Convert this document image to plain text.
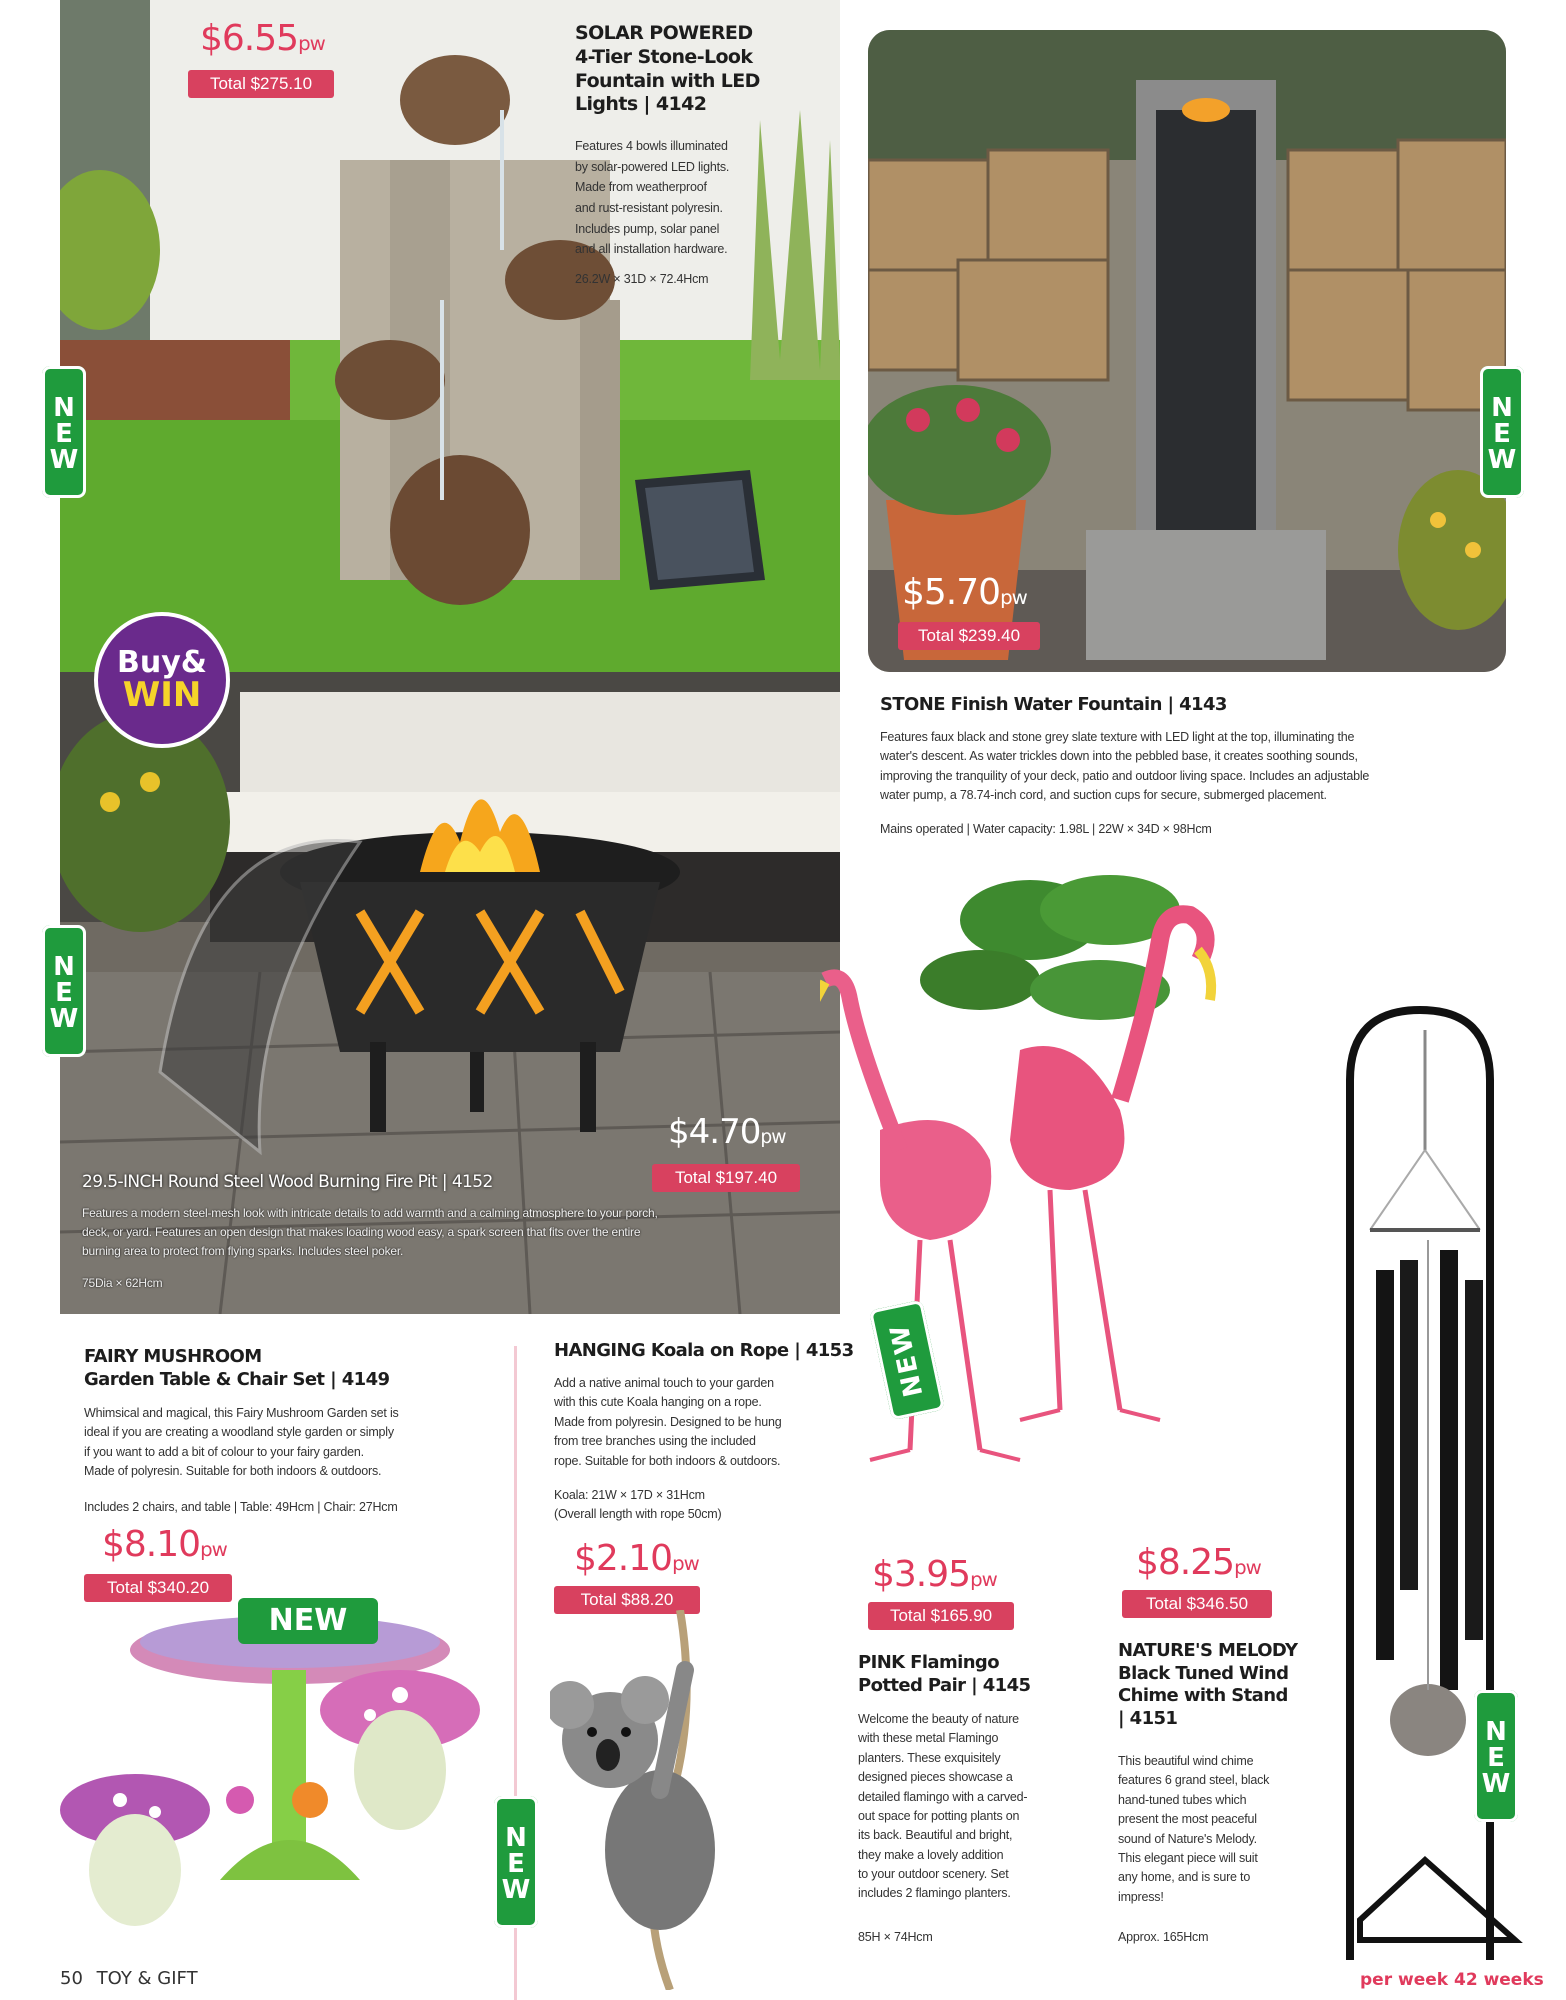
$6.55pw
Total $275.10
SOLAR POWERED
4-Tier Stone-Look
Fountain with LED
Lights | 4142
Features 4 bowls illuminated
by solar-powered LED lights.
Made from weatherproof
and rust-resistant polyresin.
Includes pump, solar panel
and all installation hardware.
26.2W × 31D × 72.4Hcm
$5.70pw
Total $239.40
STONE Finish Water Fountain | 4143
Features faux black and stone grey slate texture with LED light at the top, illuminating the
water's descent. As water trickles down into the pebbled base, it creates soothing sounds,
improving the tranquility of your deck, patio and outdoor living space. Includes an adjustable
water pump, a 78.74-inch cord, and suction cups for secure, submerged placement.
Mains operated | Water capacity: 1.98L | 22W × 34D × 98Hcm
$4.70pw
Total $197.40
29.5-INCH Round Steel Wood Burning Fire Pit | 4152
Features a modern steel-mesh look with intricate details to add warmth and a calming atmosphere to your porch,
deck, or yard. Features an open design that makes loading wood easy, a spark screen that fits over the entire
burning area to protect from flying sparks. Includes steel poker.
75Dia × 62Hcm
Buy&
WIN
NEW
NEW
NEW
FAIRY MUSHROOM
Garden Table & Chair Set | 4149
Whimsical and magical, this Fairy Mushroom Garden set is
ideal if you are creating a woodland style garden or simply
if you want to add a bit of colour to your fairy garden.
Made of polyresin. Suitable for both indoors & outdoors.
Includes 2 chairs, and table | Table: 49Hcm | Chair: 27Hcm
$8.10pw
Total $340.20
NEW
HANGING Koala on Rope | 4153
Add a native animal touch to your garden
with this cute Koala hanging on a rope.
Made from polyresin. Designed to be hung
from tree branches using the included
rope. Suitable for both indoors & outdoors.
Koala: 21W × 17D × 31Hcm
(Overall length with rope 50cm)
$2.10pw
Total $88.20
NEW
NEW
$3.95pw
Total $165.90
PINK Flamingo
Potted Pair | 4145
Welcome the beauty of nature
with these metal Flamingo
planters. These exquisitely
designed pieces showcase a
detailed flamingo with a carved-
out space for potting plants on
its back. Beautiful and bright,
they make a lovely addition
to your outdoor scenery. Set
includes 2 flamingo planters.
85H × 74Hcm
NEW
$8.25pw
Total $346.50
NATURE'S MELODY
Black Tuned Wind
Chime with Stand
| 4151
This beautiful wind chime
features 6 grand steel, black
hand-tuned tubes which
present the most peaceful
sound of Nature's Melody.
This elegant piece will suit
any home, and is sure to
impress!
Approx. 165Hcm
50 TOY & GIFT	per week 42 weeks
